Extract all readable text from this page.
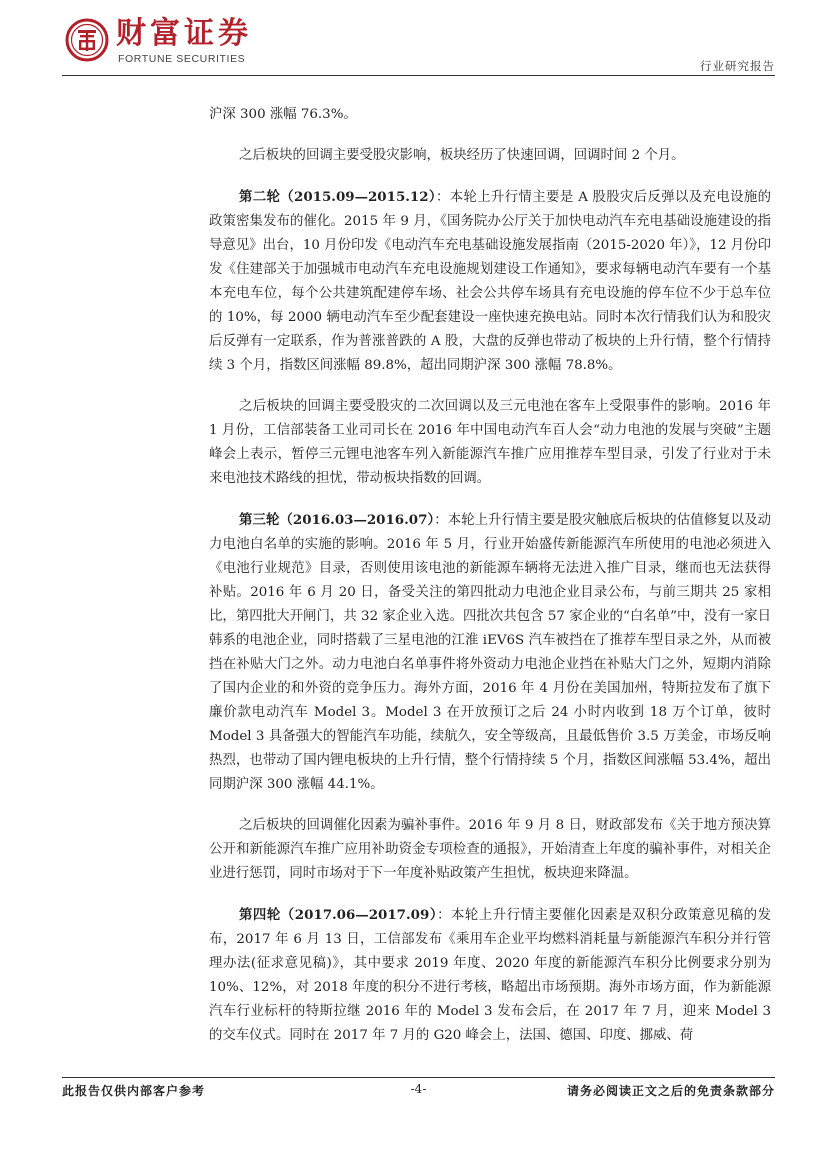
财富证券
FORTUNE SECURITIES	行业研究报告

沪深 300 涨幅 76.3%。

之后板块的回调主要受股灾影响，板块经历了快速回调，回调时间 2 个月。

第二轮（2015.09—2015.12）：本轮上升行情主要是 A 股股灾后反弹以及充电设施的政策密集发布的催化。2015 年 9 月，《国务院办公厅关于加快电动汽车充电基础设施建设的指导意见》出台，10 月份印发《电动汽车充电基础设施发展指南（2015-2020 年）》，12 月份印发《住建部关于加强城市电动汽车充电设施规划建设工作通知》，要求每辆电动汽车要有一个基本充电车位，每个公共建筑配建停车场、社会公共停车场具有充电设施的停车位不少于总车位的 10%，每 2000 辆电动汽车至少配套建设一座快速充换电站。同时本次行情我们认为和股灾后反弹有一定联系，作为普涨普跌的 A 股，大盘的反弹也带动了板块的上升行情，整个行情持续 3 个月，指数区间涨幅 89.8%，超出同期沪深 300 涨幅 78.8%。

之后板块的回调主要受股灾的二次回调以及三元电池在客车上受限事件的影响。2016 年 1 月份，工信部装备工业司司长在 2016 年中国电动汽车百人会“动力电池的发展与突破”主题峰会上表示，暂停三元锂电池客车列入新能源汽车推广应用推荐车型目录，引发了行业对于未来电池技术路线的担忧，带动板块指数的回调。

第三轮（2016.03—2016.07）：本轮上升行情主要是股灾触底后板块的估值修复以及动力电池白名单的实施的影响。2016 年 5 月，行业开始盛传新能源汽车所使用的电池必须进入《电池行业规范》目录，否则使用该电池的新能源车辆将无法进入推广目录，继而也无法获得补贴。2016 年 6 月 20 日，备受关注的第四批动力电池企业目录公布，与前三期共 25 家相比，第四批大开闸门，共 32 家企业入选。四批次共包含 57 家企业的“白名单”中，没有一家日韩系的电池企业，同时搭载了三星电池的江淮 iEV6S 汽车被挡在了推荐车型目录之外，从而被挡在补贴大门之外。动力电池白名单事件将外资动力电池企业挡在补贴大门之外，短期内消除了国内企业的和外资的竞争压力。海外方面，2016 年 4 月份在美国加州，特斯拉发布了旗下廉价款电动汽车 Model 3。Model 3 在开放预订之后 24 小时内收到 18 万个订单，彼时 Model 3 具备强大的智能汽车功能，续航久，安全等级高，且最低售价 3.5 万美金，市场反响热烈，也带动了国内锂电板块的上升行情，整个行情持续 5 个月，指数区间涨幅 53.4%，超出同期沪深 300 涨幅 44.1%。

之后板块的回调催化因素为骗补事件。2016 年 9 月 8 日，财政部发布《关于地方预决算公开和新能源汽车推广应用补助资金专项检查的通报》，开始清查上年度的骗补事件，对相关企业进行惩罚，同时市场对于下一年度补贴政策产生担忧，板块迎来降温。

第四轮（2017.06—2017.09）：本轮上升行情主要催化因素是双积分政策意见稿的发布，2017 年 6 月 13 日，工信部发布《乘用车企业平均燃料消耗量与新能源汽车积分并行管理办法(征求意见稿)》，其中要求 2019 年度、2020 年度的新能源汽车积分比例要求分别为 10%、12%，对 2018 年度的积分不进行考核，略超出市场预期。海外市场方面，作为新能源汽车行业标杆的特斯拉继 2016 年的 Model 3 发布会后，在 2017 年 7 月，迎来 Model 3 的交车仪式。同时在 2017 年 7 月的 G20 峰会上，法国、德国、印度、挪威、荷

此报告仅供内部客户参考	-4-	请务必阅读正文之后的免责条款部分
